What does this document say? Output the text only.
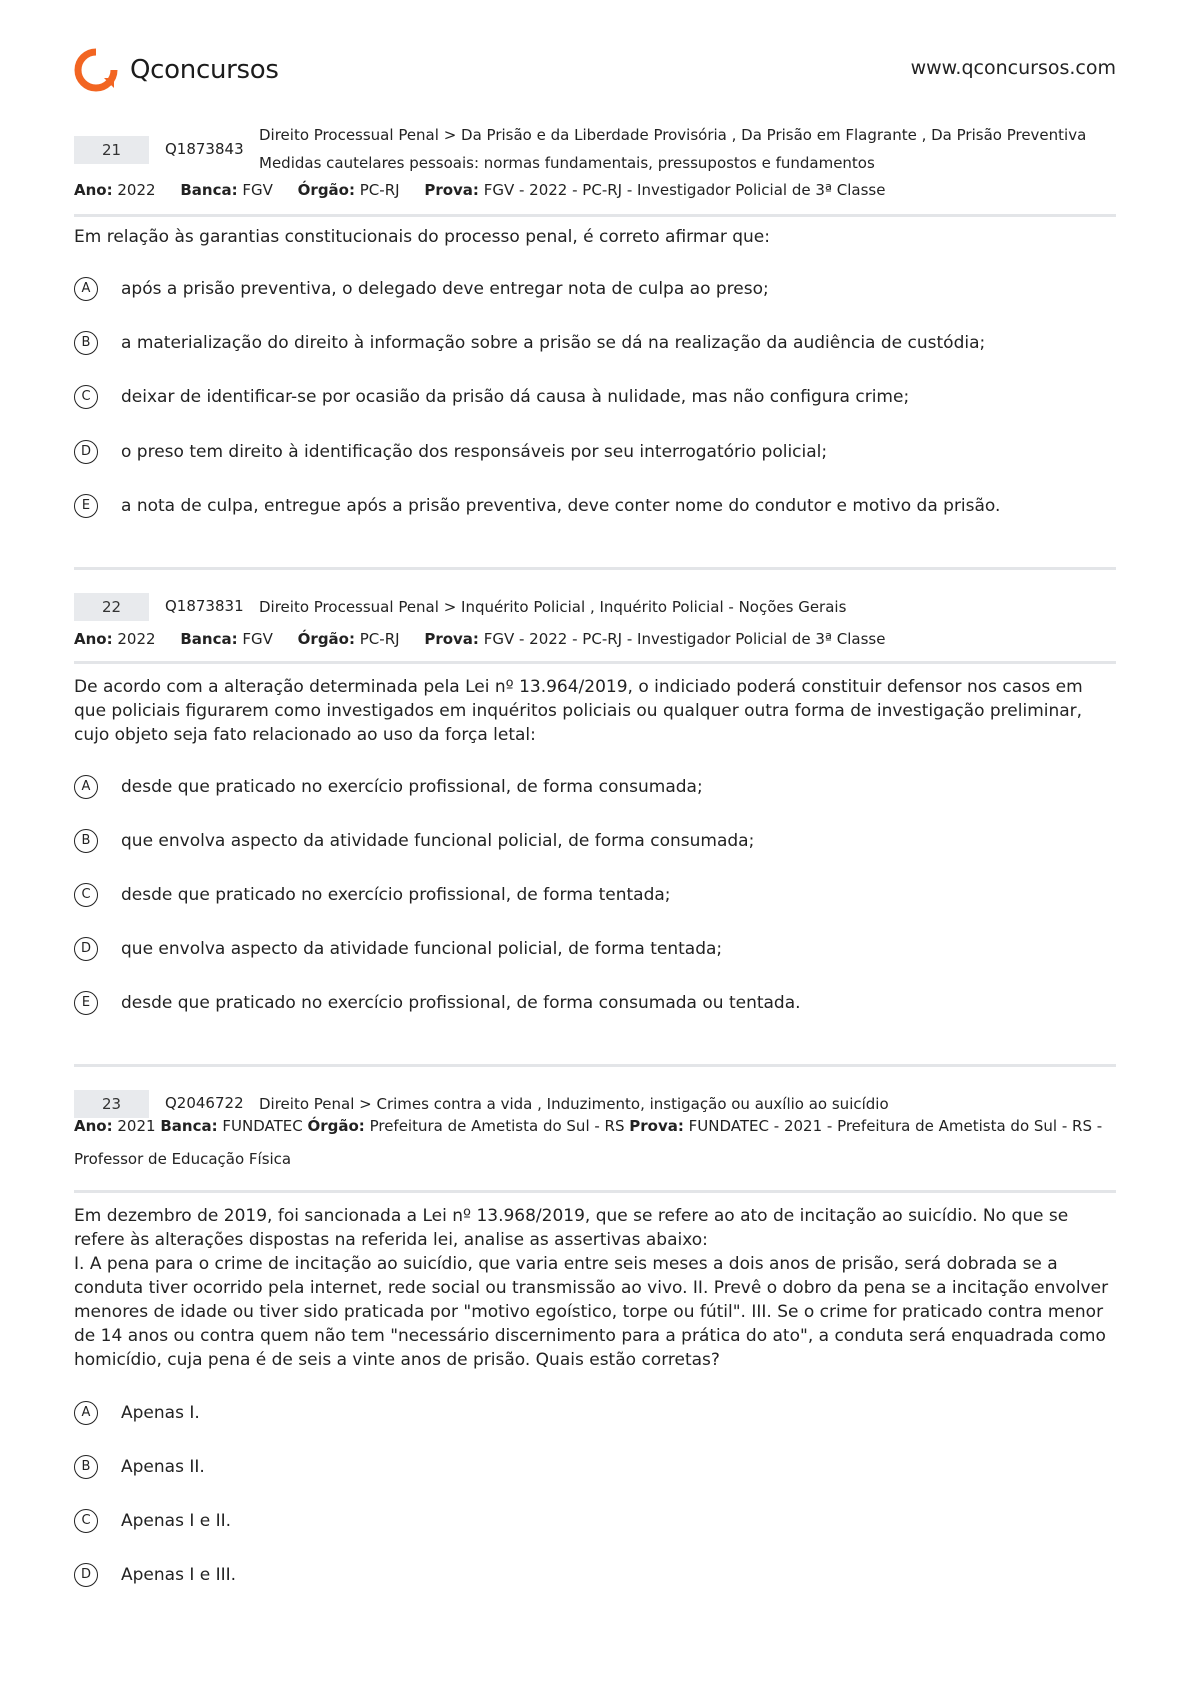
Qconcursos	www.qconcursos.com
21	Q1873843
Direito Processual Penal > Da Prisão e da Liberdade Provisória , Da Prisão em Flagrante , Da Prisão Preventiva
Medidas cautelares pessoais: normas fundamentais, pressupostos e fundamentos
Ano: 2022 Banca: FGV Órgão: PC-RJ Prova: FGV - 2022 - PC-RJ - Investigador Policial de 3ª Classe

Em relação às garantias constitucionais do processo penal, é correto afirmar que:

A	após a prisão preventiva, o delegado deve entregar nota de culpa ao preso;
B	a materialização do direito à informação sobre a prisão se dá na realização da audiência de custódia;
C	deixar de identificar-se por ocasião da prisão dá causa à nulidade, mas não configura crime;
D	o preso tem direito à identificação dos responsáveis por seu interrogatório policial;
E	a nota de culpa, entregue após a prisão preventiva, deve conter nome do condutor e motivo da prisão.
22	Q1873831 Direito Processual Penal > Inquérito Policial , Inquérito Policial - Noções Gerais
Ano: 2022 Banca: FGV Órgão: PC-RJ Prova: FGV - 2022 - PC-RJ - Investigador Policial de 3ª Classe

De acordo com a alteração determinada pela Lei nº 13.964/2019, o indiciado poderá constituir defensor nos casos em que policiais figurarem como investigados em inquéritos policiais ou qualquer outra forma de investigação preliminar, cujo objeto seja fato relacionado ao uso da força letal:

A	desde que praticado no exercício profissional, de forma consumada;
B	que envolva aspecto da atividade funcional policial, de forma consumada;
C	desde que praticado no exercício profissional, de forma tentada;
D	que envolva aspecto da atividade funcional policial, de forma tentada;
E	desde que praticado no exercício profissional, de forma consumada ou tentada.
23	Q2046722 Direito Penal > Crimes contra a vida , Induzimento, instigação ou auxílio ao suicídio
Ano: 2021 Banca: FUNDATEC Órgão: Prefeitura de Ametista do Sul - RS Prova: FUNDATEC - 2021 - Prefeitura de Ametista do Sul - RS - Professor de Educação Física

Em dezembro de 2019, foi sancionada a Lei nº 13.968/2019, que se refere ao ato de incitação ao suicídio. No que se refere às alterações dispostas na referida lei, analise as assertivas abaixo:

I. A pena para o crime de incitação ao suicídio, que varia entre seis meses a dois anos de prisão, será dobrada se a conduta tiver ocorrido pela internet, rede social ou transmissão ao vivo. II. Prevê o dobro da pena se a incitação envolver menores de idade ou tiver sido praticada por "motivo egoístico, torpe ou fútil". III. Se o crime for praticado contra menor de 14 anos ou contra quem não tem "necessário discernimento para a prática do ato", a conduta será enquadrada como homicídio, cuja pena é de seis a vinte anos de prisão. Quais estão corretas?

A	Apenas I.
B	Apenas II.
C	Apenas I e II.
D	Apenas I e III.
